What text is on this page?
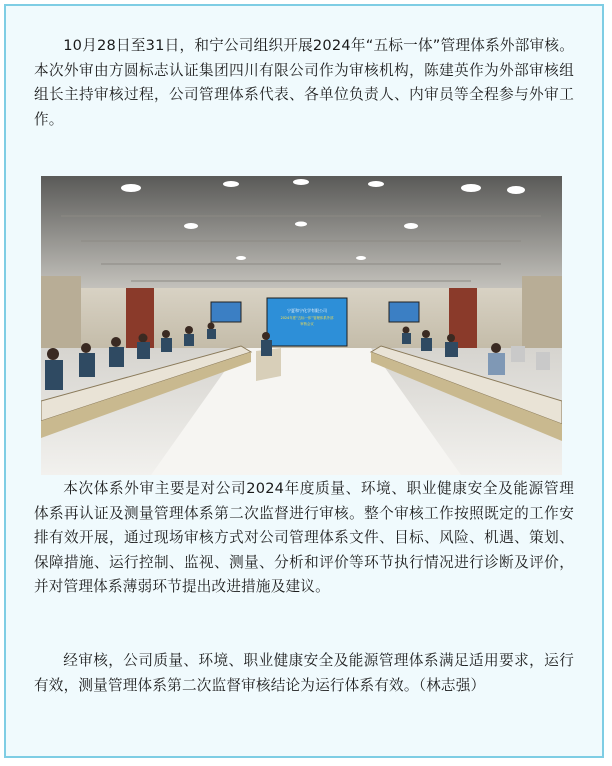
10月28日至31日，和宁公司组织开展2024年“五标一体”管理体系外部审核。本次外审由方圆标志认证集团四川有限公司作为审核机构，陈建英作为外部审核组组长主持审核过程，公司管理体系代表、各单位负责人、内审员等全程参与外审工作。

宁夏和宁化学有限公司
2024年度“五标一体”管理体系外部
审核会议

本次体系外审主要是对公司2024年度质量、环境、职业健康安全及能源管理体系再认证及测量管理体系第二次监督进行审核。整个审核工作按照既定的工作安排有效开展，通过现场审核方式对公司管理体系文件、目标、风险、机遇、策划、保障措施、运行控制、监视、测量、分析和评价等环节执行情况进行诊断及评价，并对管理体系薄弱环节提出改进措施及建议。

经审核，公司质量、环境、职业健康安全及能源管理体系满足适用要求，运行有效，测量管理体系第二次监督审核结论为运行体系有效。（林志强）
